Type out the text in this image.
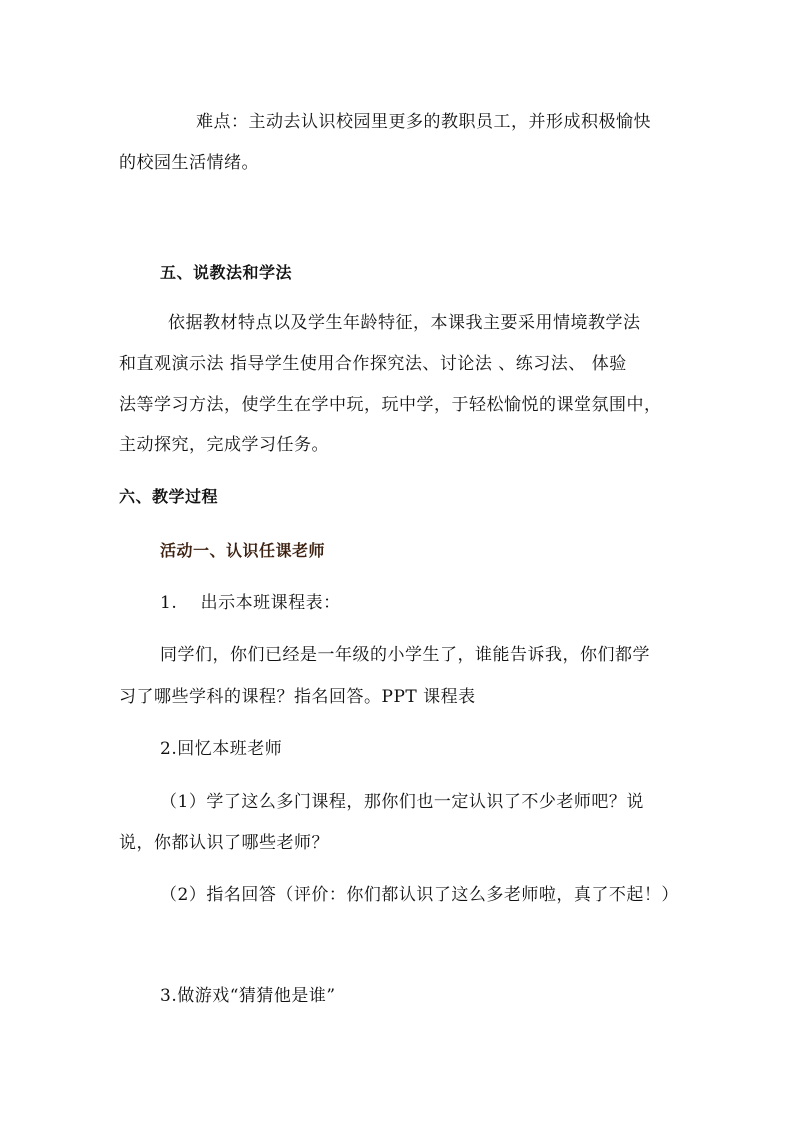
难点：主动去认识校园里更多的教职员工，并形成积极愉快
的校园生活情绪。
五、说教法和学法
依据教材特点以及学生年龄特征，本课我主要采用情境教学法
和直观演示法 指导学生使用合作探究法、讨论法 、练习法、 体验
法等学习方法，使学生在学中玩，玩中学，于轻松愉悦的课堂氛围中，
主动探究，完成学习任务。
六、教学过程
活动一、认识任课老师
1.　 出示本班课程表：
同学们，你们已经是一年级的小学生了，谁能告诉我，你们都学
习了哪些学科的课程？指名回答。PPT 课程表
2.回忆本班老师
（1）学了这么多门课程，那你们也一定认识了不少老师吧？说
说，你都认识了哪些老师？
（2）指名回答（评价：你们都认识了这么多老师啦，真了不起！）
3.做游戏“猜猜他是谁”
